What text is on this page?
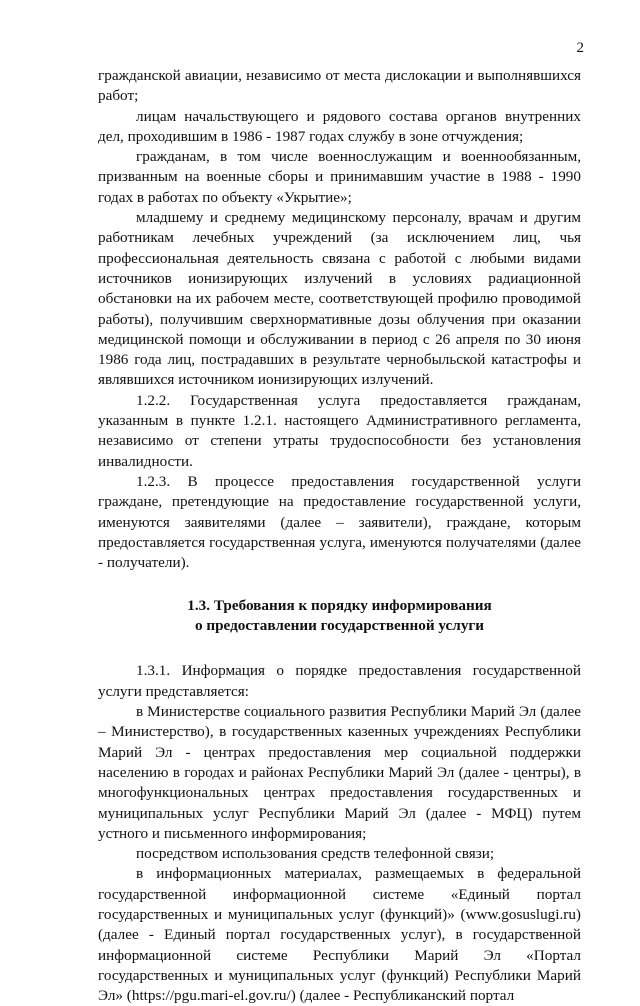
2

гражданской авиации, независимо от места дислокации и выполнявшихся работ;

лицам начальствующего и рядового состава органов внутренних дел, проходившим в 1986 - 1987 годах службу в зоне отчуждения;

гражданам, в том числе военнослужащим и военнообязанным, призванным на военные сборы и принимавшим участие в 1988 - 1990 годах в работах по объекту «Укрытие»;

младшему и среднему медицинскому персоналу, врачам и другим работникам лечебных учреждений (за исключением лиц, чья профессиональная деятельность связана с работой с любыми видами источников ионизирующих излучений в условиях радиационной обстановки на их рабочем месте, соответствующей профилю проводимой работы), получившим сверхнормативные дозы облучения при оказании медицинской помощи и обслуживании в период с 26 апреля по 30 июня 1986 года лиц, пострадавших в результате чернобыльской катастрофы и являвшихся источником ионизирующих излучений.

1.2.2. Государственная услуга предоставляется гражданам, указанным в пункте 1.2.1. настоящего Административного регламента, независимо от степени утраты трудоспособности без установления инвалидности.

1.2.3. В процессе предоставления государственной услуги граждане, претендующие на предоставление государственной услуги, именуются заявителями (далее – заявители), граждане, которым предоставляется государственная услуга, именуются получателями (далее - получатели).

1.3. Требования к порядку информирования
о предоставлении государственной услуги

1.3.1. Информация о порядке предоставления государственной услуги представляется:

в Министерстве социального развития Республики Марий Эл (далее – Министерство), в государственных казенных учреждениях Республики Марий Эл - центрах предоставления мер социальной поддержки населению в городах и районах Республики Марий Эл (далее - центры), в многофункциональных центрах предоставления государственных и муниципальных услуг Республики Марий Эл (далее - МФЦ) путем устного и письменного информирования;

посредством использования средств телефонной связи;

в информационных материалах, размещаемых в федеральной государственной информационной системе «Единый портал государственных и муниципальных услуг (функций)» (www.gosuslugi.ru) (далее - Единый портал государственных услуг), в государственной информационной системе Республики Марий Эл «Портал государственных и муниципальных услуг (функций) Республики Марий Эл» (https://pgu.mari-el.gov.ru/) (далее - Республиканский портал
